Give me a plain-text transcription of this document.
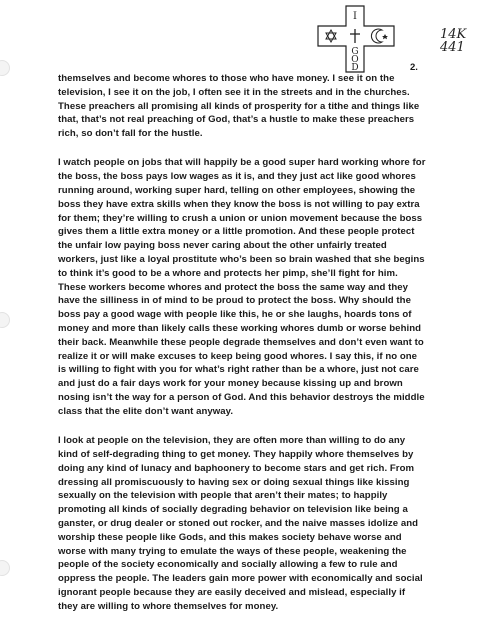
I
G
O
D
14K
441
2.

themselves and become whores to those who have money. I see it on the television, I see it on the job, I often see it in the streets and in the churches. These preachers all promising all kinds of prosperity for a tithe and things like that, that’s not real preaching of God, that’s a hustle to make these preachers rich, so don’t fall for the hustle.

I watch people on jobs that will happily be a good super hard working whore for the boss, the boss pays low wages as it is, and they just act like good whores running around, working super hard, telling on other employees, showing the boss they have extra skills when they know the boss is not willing to pay extra for them; they’re willing to crush a union or union movement because the boss gives them a little extra money or a little promotion. And these people protect the unfair low paying boss never caring about the other unfairly treated workers, just like a loyal prostitute who’s been so brain washed that she begins to think it’s good to be a whore and protects her pimp, she’ll fight for him. These workers become whores and protect the boss the same way and they have the silliness in of mind to be proud to protect the boss. Why should the boss pay a good wage with people like this, he or she laughs, hoards tons of money and more than likely calls these working whores dumb or worse behind their back. Meanwhile these people degrade themselves and don’t even want to realize it or will make excuses to keep being good whores. I say this, if no one is willing to fight with you for what’s right rather than be a whore, just not care and just do a fair days work for your money because kissing up and brown nosing isn’t the way for a person of God. And this behavior destroys the middle class that the elite don’t want anyway.

I look at people on the television, they are often more than willing to do any kind of self-degrading thing to get money. They happily whore themselves by doing any kind of lunacy and baphoonery to become stars and get rich. From dressing all promiscuously to having sex or doing sexual things like kissing sexually on the television with people that aren’t their mates; to happily promoting all kinds of socially degrading behavior on television like being a ganster, or drug dealer or stoned out rocker, and the naive masses idolize and worship these people like Gods, and this makes society behave worse and worse with many trying to emulate the ways of these people, weakening the people of the society economically and socially allowing a few to rule and oppress the people. The leaders gain more power with economically and social ignorant people because they are easily deceived and mislead, especially if they are willing to whore themselves for money.
